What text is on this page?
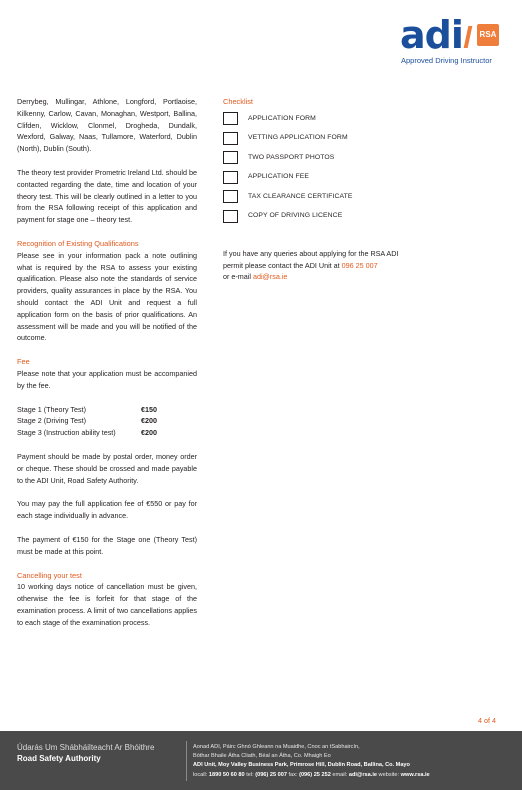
adi	RSA
Approved Driving Instructor

Derrybeg, Mullingar, Athlone, Longford, Portlaoise, Kilkenny, Carlow, Cavan, Monaghan, Westport, Ballina, Clifden, Wicklow, Clonmel, Drogheda, Dundalk, Wexford, Galway, Naas, Tullamore, Waterford, Dublin (North), Dublin (South).

The theory test provider Prometric Ireland Ltd. should be contacted regarding the date, time and location of your theory test. This will be clearly outlined in a letter to you from the RSA following receipt of this application and payment for stage one – theory test.

Recognition of Existing Qualifications

Please see in your information pack a note outlining what is required by the RSA to assess your existing qualification. Please also note the standards of service providers, quality assurances in place by the RSA. You should contact the ADI Unit and request a full application form on the basis of prior qualifications. An assessment will be made and you will be notified of the outcome.

Fee

Please note that your application must be accompanied by the fee.

Stage 1 (Theory Test)	€150
Stage 2 (Driving Test)	€200
Stage 3 (Instruction ability test)	€200

Payment should be made by postal order, money order or cheque. These should be crossed and made payable to the ADI Unit, Road Safety Authority.

You may pay the full application fee of €550 or pay for each stage individually in advance.

The payment of €150 for the Stage one (Theory Test) must be made at this point.

Cancelling your test

10 working days notice of cancellation must be given, otherwise the fee is forfeit for that stage of the examination process. A limit of two cancellations applies to each stage of the examination process.

Checklist
APPLICATION FORM
VETTING APPLICATION FORM
TWO PASSPORT PHOTOS
APPLICATION FEE
TAX CLEARANCE CERTIFICATE
COPY OF DRIVING LICENCE

If you have any queries about applying for the RSA ADI permit please contact the ADI Unit at 096 25 007
or e-mail adi@rsa.ie

4 of 4
Údarás Um Shábháilteacht Ar Bhóithre
Road Safety Authority
Aonad ADI, Páirc Ghnó Ghleann na Muaidhe, Cnoc an tSabhaircín,
Bóthar Bhaile Átha Cliath, Béal an Átha, Co. Mhaigh Eo
ADI Unit, Moy Valley Business Park, Primrose Hill, Dublin Road, Ballina, Co. Mayo
locall: 1890 50 60 80 tel: (096) 25 007 fax: (096) 25 252 email: adi@rsa.ie website: www.rsa.ie
